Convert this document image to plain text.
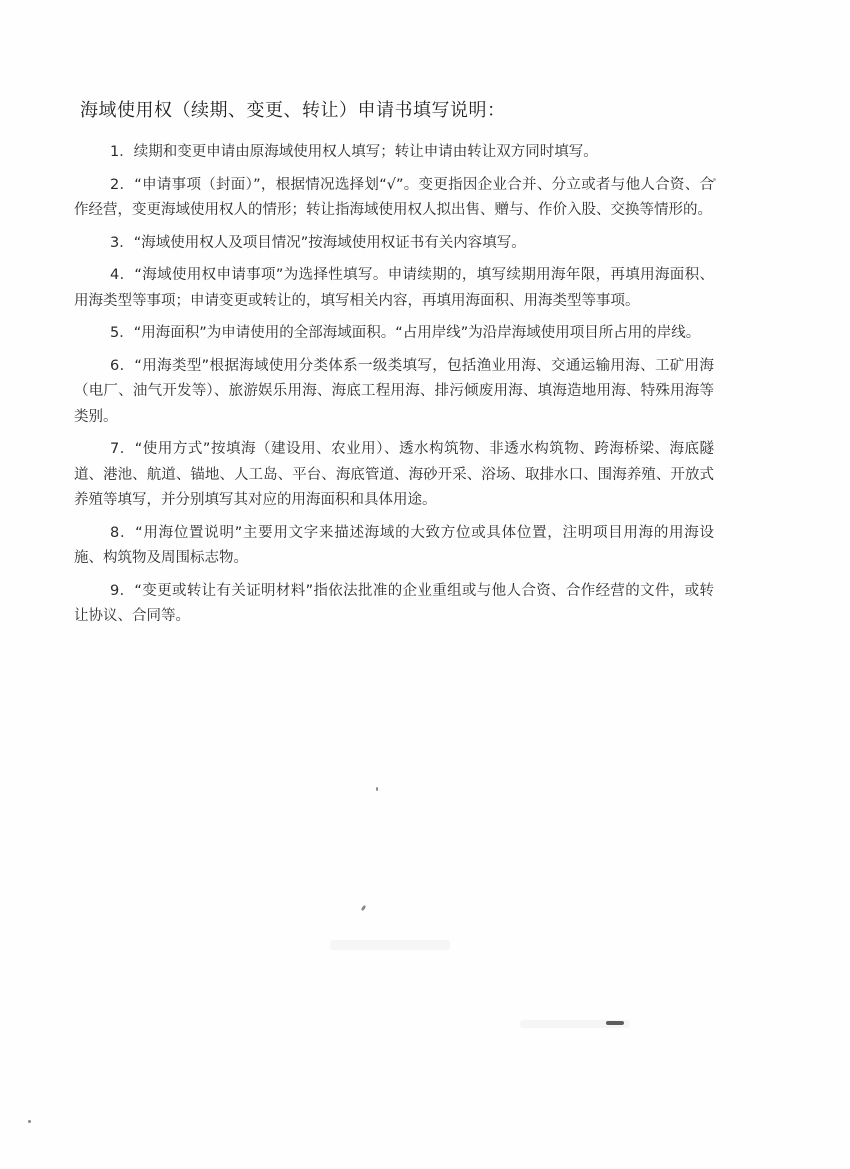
海域使用权（续期、变更、转让）申请书填写说明：

1．续期和变更申请由原海域使用权人填写；转让申请由转让双方同时填写。

2．“申请事项（封面）”，根据情况选择划“√”。变更指因企业合并、分立或者与他人合资、合作经营，变更海域使用权人的情形；转让指海域使用权人拟出售、赠与、作价入股、交换等情形的。

3．“海域使用权人及项目情况”按海域使用权证书有关内容填写。

4．“海域使用权申请事项”为选择性填写。申请续期的，填写续期用海年限，再填用海面积、用海类型等事项；申请变更或转让的，填写相关内容，再填用海面积、用海类型等事项。

5．“用海面积”为申请使用的全部海域面积。“占用岸线”为沿岸海域使用项目所占用的岸线。

6．“用海类型”根据海域使用分类体系一级类填写，包括渔业用海、交通运输用海、工矿用海（电厂、油气开发等）、旅游娱乐用海、海底工程用海、排污倾废用海、填海造地用海、特殊用海等类别。

7．“使用方式”按填海（建设用、农业用）、透水构筑物、非透水构筑物、跨海桥梁、海底隧道、港池、航道、锚地、人工岛、平台、海底管道、海砂开采、浴场、取排水口、围海养殖、开放式养殖等填写，并分别填写其对应的用海面积和具体用途。

8．“用海位置说明”主要用文字来描述海域的大致方位或具体位置，注明项目用海的用海设施、构筑物及周围标志物。

9．“变更或转让有关证明材料”指依法批准的企业重组或与他人合资、合作经营的文件，或转让协议、合同等。
